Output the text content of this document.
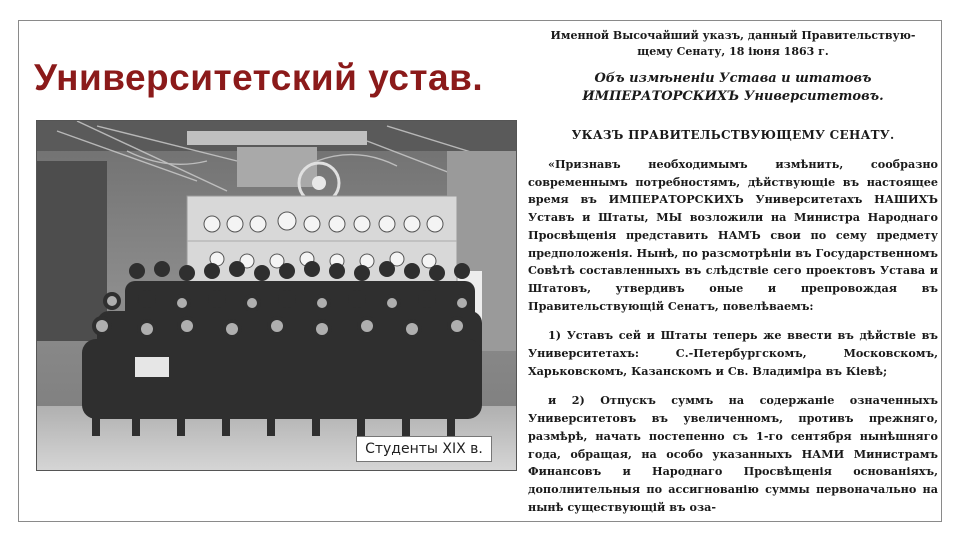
Университетский устав.
Студенты XIX в.

Именной Высочайший указъ, данный Правительствую-

щему Сенату, 18 іюня 1863 г.

Объ измѣненіи Устава и штатовъ ИМПЕРАТОРСКИХЪ Университетовъ.

УКАЗЪ ПРАВИТЕЛЬСТВУЮЩЕМУ СЕНАТУ.

«Признавъ необходимымъ измѣнить, сообразно современнымъ потребностямъ, дѣйствующіе въ настоящее время въ ИМПЕРАТОРСКИХЪ Университетахъ НАШИХЪ Уставъ и Штаты, МЫ возложили на Министра Народнаго Просвѣщенія представить НАМЪ свои по сему предмету предположенія. Нынѣ, по разсмотрѣніи въ Государственномъ Совѣтѣ составленныхъ въ слѣдствіе сего проектовъ Устава и Штатовъ, утвердивъ оные и препровождая въ Правительствующій Сенатъ, повелѣваемъ:

1) Уставъ сей и Штаты теперь же ввести въ дѣйствіе въ Университетахъ: С.-Петербургскомъ, Московскомъ, Харьковскомъ, Казанскомъ и Св. Владиміра въ Кіевѣ;

и 2) Отпускъ суммъ на содержаніе означенныхъ Университетовъ въ увеличенномъ, противъ прежняго, размѣрѣ, начать постепенно съ 1-го сентября нынѣшняго года, обращая, на особо указанныхъ НАМИ Министрамъ Финансовъ и Народнаго Просвѣщенія основаніяхъ, дополнительныя по ассигнованію суммы первоначально на нынѣ существующій въ оза-
